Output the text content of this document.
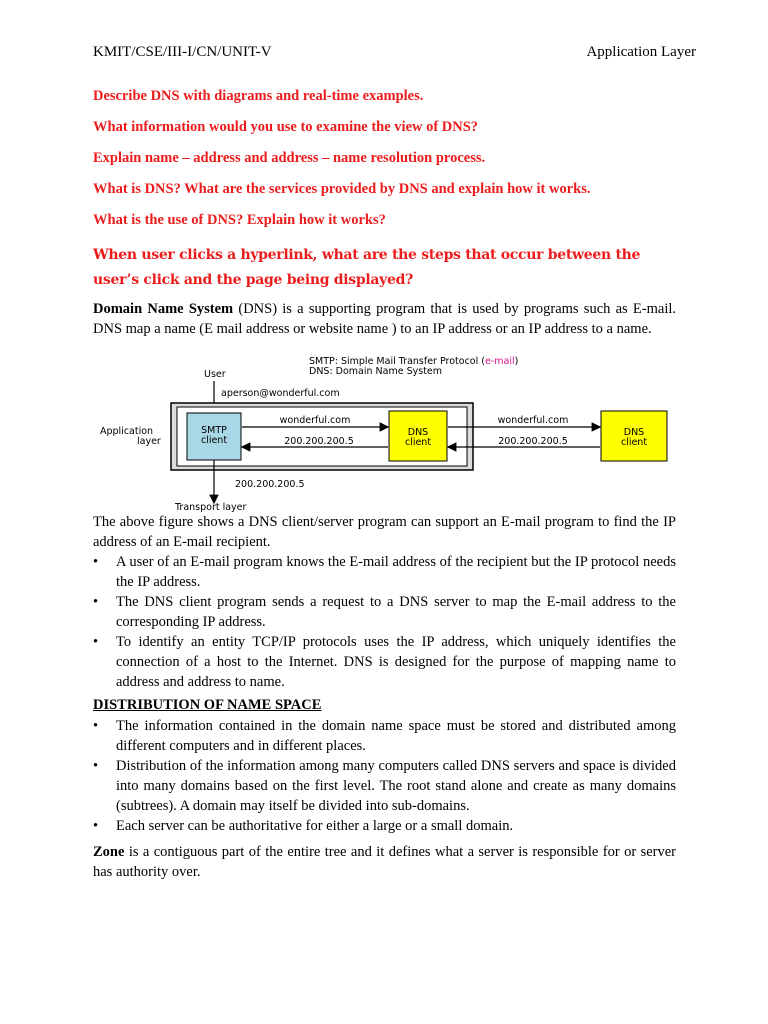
KMIT/CSE/III-I/CN/UNIT-V	Application Layer
Describe DNS with diagrams and real-time examples.
What information would you use to examine the view of DNS?
Explain name – address and address – name resolution process.
What is DNS? What are the services provided by DNS and explain how it works.
What is the use of DNS? Explain how it works?
When user clicks a hyperlink, what are the steps that occur between the user’s click and the page being displayed?
Domain Name System (DNS) is a supporting program that is used by programs such as E-mail. DNS map a name (E mail address or website name ) to an IP address or an IP address to a name.
SMTP: Simple Mail Transfer Protocol (e-mail)
DNS: Domain Name System
User
aperson@wonderful.com
Application
layer
SMTP
client
DNS
client
DNS
client
wonderful.com
200.200.200.5
wonderful.com
200.200.200.5
200.200.200.5
Transport layer
The above figure shows a DNS client/server program can support an E-mail program to find the IP address of an E-mail recipient.
• A user of an E-mail program knows the E-mail address of the recipient but the IP protocol needs the IP address.
• The DNS client program sends a request to a DNS server to map the E-mail address to the corresponding IP address.
• To identify an entity TCP/IP protocols uses the IP address, which uniquely identifies the connection of a host to the Internet. DNS is designed for the purpose of mapping name to address and address to name.
DISTRIBUTION OF NAME SPACE
• The information contained in the domain name space must be stored and distributed among different computers and in different places.
• Distribution of the information among many computers called DNS servers and space is divided into many domains based on the first level. The root stand alone and create as many domains (subtrees). A domain may itself be divided into sub-domains.
• Each server can be authoritative for either a large or a small domain.
Zone is a contiguous part of the entire tree and it defines what a server is responsible for or server has authority over.
